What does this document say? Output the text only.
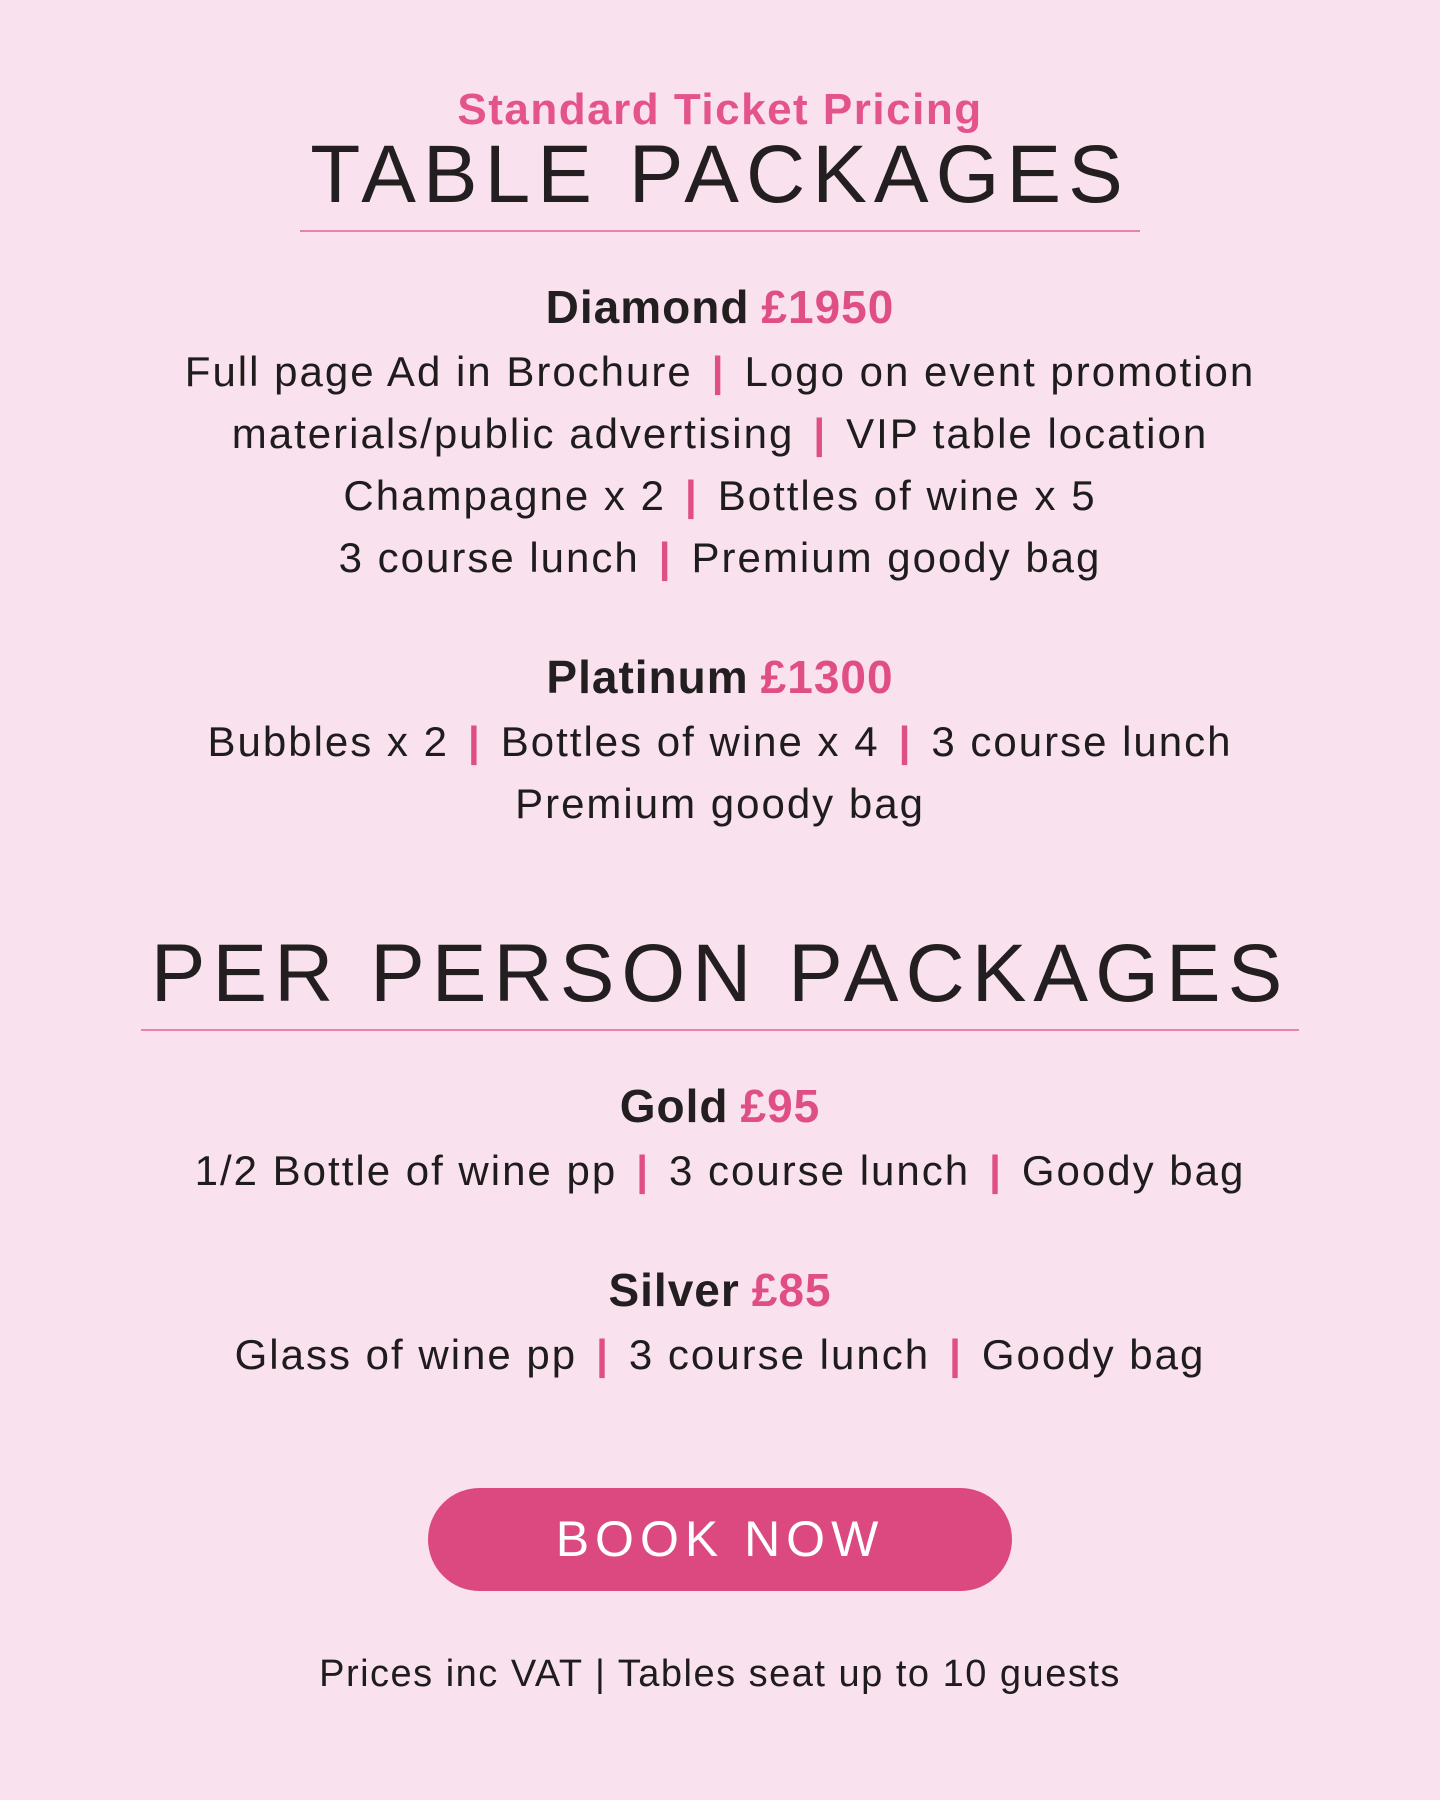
Standard Ticket Pricing
TABLE PACKAGES
Diamond £1950
Full page Ad in Brochure | Logo on event promotion
materials/public advertising | VIP table location
Champagne x 2 | Bottles of wine x 5
3 course lunch | Premium goody bag
Platinum £1300
Bubbles x 2 | Bottles of wine x 4 | 3 course lunch
Premium goody bag
PER PERSON PACKAGES
Gold £95
1/2 Bottle of wine pp | 3 course lunch | Goody bag
Silver £85
Glass of wine pp | 3 course lunch | Goody bag
BOOK NOW
Prices inc VAT | Tables seat up to 10 guests
